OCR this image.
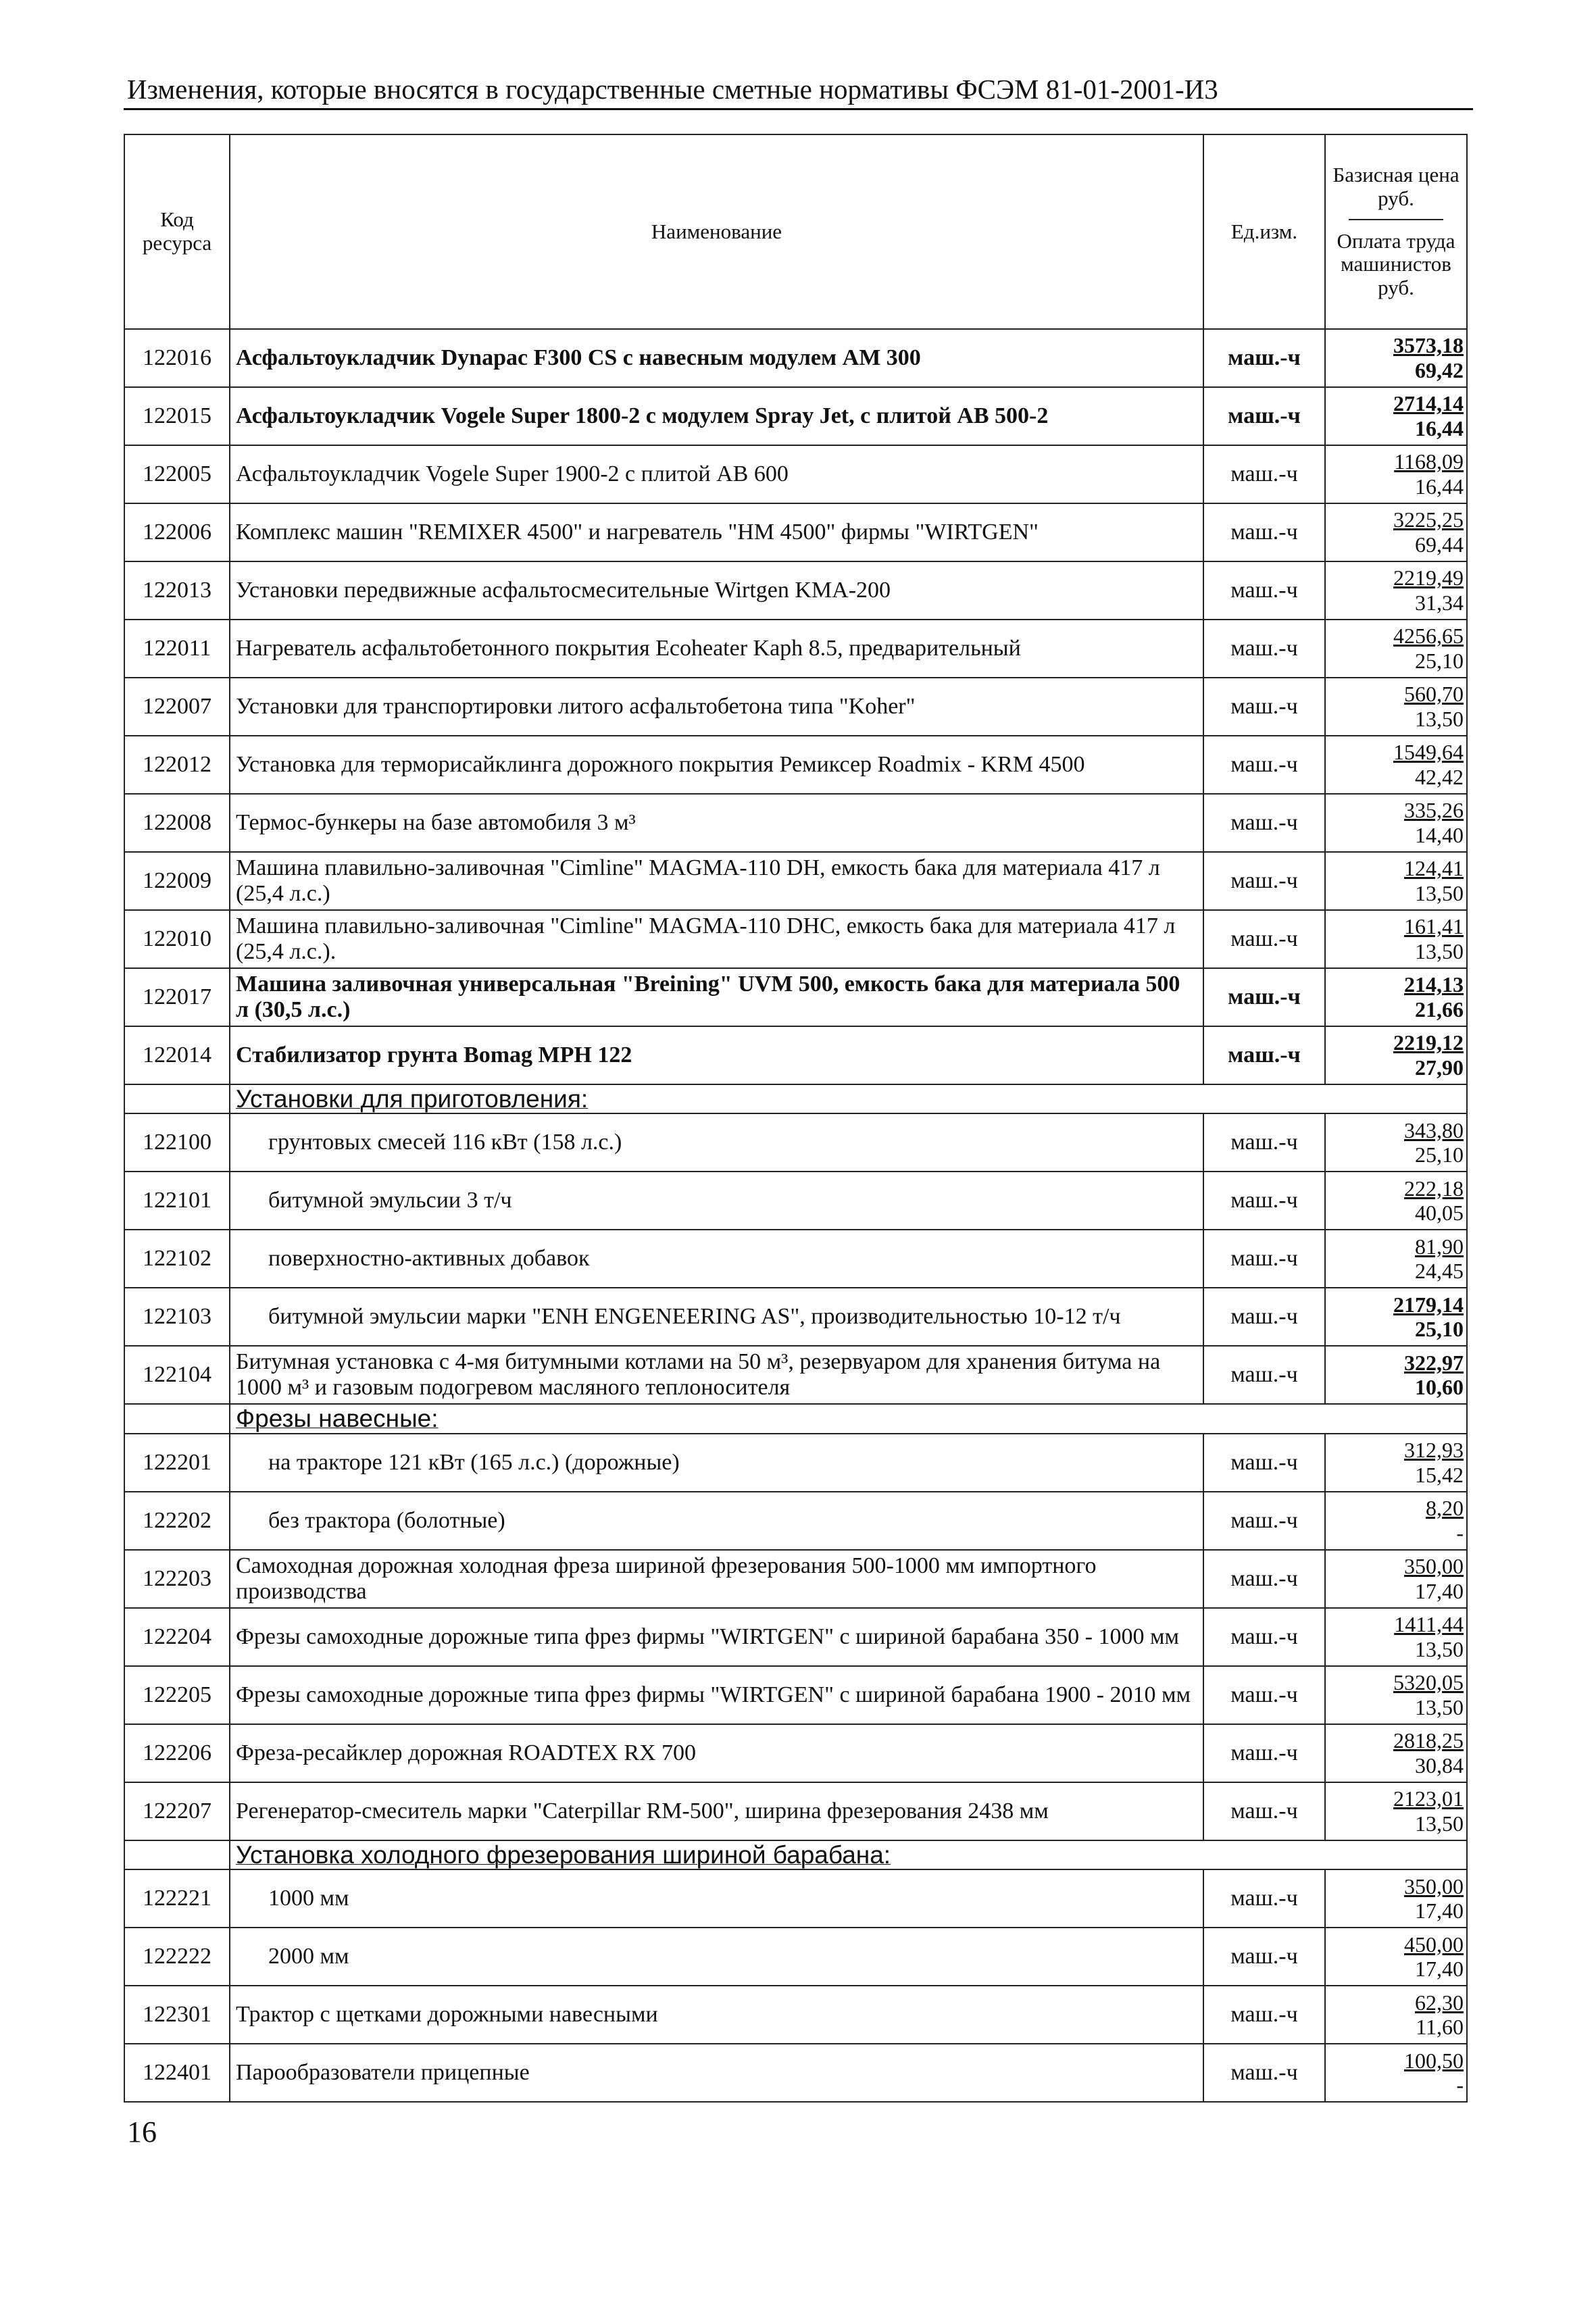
Изменения, которые вносятся в государственные сметные нормативы ФСЭМ 81-01-2001-И3
Код ресурса	Наименование	Ед.изм.	Базисная цена руб.
Оплата труда машинистов руб.
122016	Асфальтоукладчик Dynapac F300 CS с навесным модулем AM 300	маш.-ч	3573,18
69,42

122015	Асфальтоукладчик Vogele Super 1800-2 с модулем Spray Jet, с плитой AB 500-2	маш.-ч	2714,14
16,44

122005	Асфальтоукладчик Vogele Super 1900-2 с плитой AB 600	маш.-ч	1168,09
16,44

122006	Комплекс машин "REMIXER 4500" и нагреватель "HM 4500" фирмы "WIRTGEN"	маш.-ч	3225,25
69,44

122013	Установки передвижные асфальтосмесительные Wirtgen KMA-200	маш.-ч	2219,49
31,34

122011	Нагреватель асфальтобетонного покрытия Ecoheater Kaph 8.5, предварительный	маш.-ч	4256,65
25,10

122007	Установки для транспортировки литого асфальтобетона типа "Koher"	маш.-ч	560,70
13,50

122012	Установка для терморисайклинга дорожного покрытия Ремиксер Roadmix - KRM 4500	маш.-ч	1549,64
42,42

122008	Термос-бункеры на базе автомобиля 3 м³	маш.-ч	335,26
14,40

122009	Машина плавильно-заливочная "Cimline" MAGMA-110 DH, емкость бака для материала 417 л (25,4 л.с.)	маш.-ч	124,41
13,50

122010	Машина плавильно-заливочная "Cimline" MAGMA-110 DHC, емкость бака для материала 417 л (25,4 л.с.).	маш.-ч	161,41
13,50

122017	Машина заливочная универсальная "Breining" UVM 500, емкость бака для материала 500 л (30,5 л.с.)	маш.-ч	214,13
21,66

122014	Стабилизатор грунта Bomag MPH 122	маш.-ч	2219,12
27,90

	Установки для приготовления:		
122100	грунтовых смесей 116 кВт (158 л.с.)	маш.-ч	343,80
25,10

122101	битумной эмульсии 3 т/ч	маш.-ч	222,18
40,05

122102	поверхностно-активных добавок	маш.-ч	81,90
24,45

122103	битумной эмульсии марки "ENH ENGENEERING AS", производительностью 10-12 т/ч	маш.-ч	2179,14
25,10

122104	Битумная установка с 4-мя битумными котлами на 50 м³, резервуаром для хранения битума на 1000 м³ и газовым подогревом масляного теплоносителя	маш.-ч	322,97
10,60

	Фрезы навесные:		
122201	на тракторе 121 кВт (165 л.с.) (дорожные)	маш.-ч	312,93
15,42

122202	без трактора (болотные)	маш.-ч	8,20
-

122203	Самоходная дорожная холодная фреза шириной фрезерования 500-1000 мм импортного производства	маш.-ч	350,00
17,40

122204	Фрезы самоходные дорожные типа фрез фирмы "WIRTGEN" с шириной барабана 350 - 1000 мм	маш.-ч	1411,44
13,50

122205	Фрезы самоходные дорожные типа фрез фирмы "WIRTGEN" с шириной барабана 1900 - 2010 мм	маш.-ч	5320,05
13,50

122206	Фреза-ресайклер дорожная ROADTEX RX 700	маш.-ч	2818,25
30,84

122207	Регенератор-смеситель марки "Caterpillar RM-500", ширина фрезерования 2438 мм	маш.-ч	2123,01
13,50

	Установка холодного фрезерования шириной барабана:		
122221	1000 мм	маш.-ч	350,00
17,40

122222	2000 мм	маш.-ч	450,00
17,40

122301	Трактор с щетками дорожными навесными	маш.-ч	62,30
11,60

122401	Парообразователи прицепные	маш.-ч	100,50
-
16
